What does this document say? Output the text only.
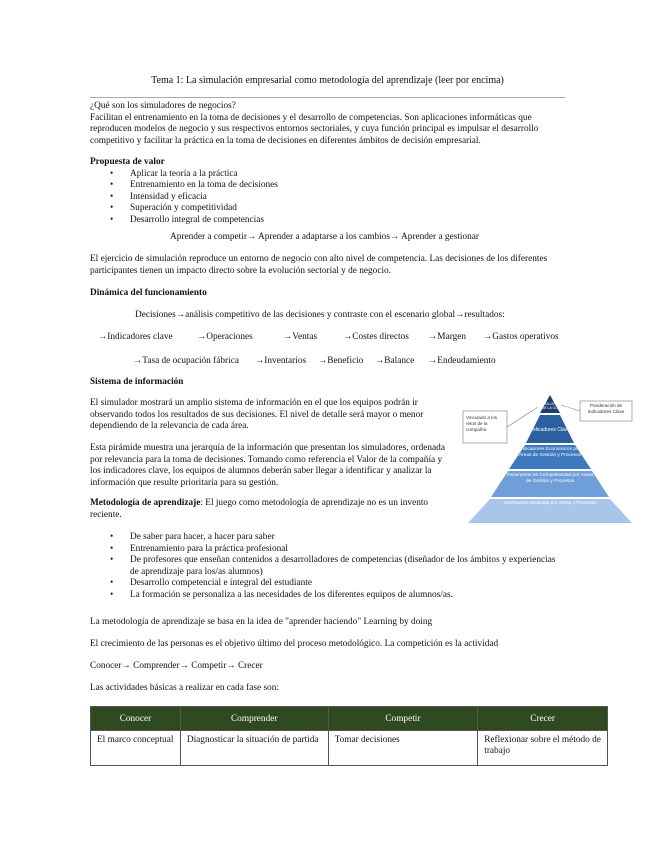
Tema 1: La simulación empresarial como metodología del aprendizaje (leer por encima)
¿Qué son los simuladores de negocios?
Facilitan el entrenamiento en la toma de decisiones y el desarrollo de competencias. Son aplicaciones informáticas que reproducen modelos de negocio y sus respectivos entornos sectoriales, y cuya función principal es impulsar el desarrollo competitivo y facilitar la práctica en la toma de decisiones en diferentes ámbitos de decisión empresarial.
Propuesta de valor
• Aplicar la teoría a la práctica
• Entrenamiento en la toma de decisiones
• Intensidad y eficacia
• Superación y competitividad
• Desarrollo integral de competencias
Aprender a competir→ Aprender a adaptarse a los cambios→ Aprender a gestionar
El ejercicio de simulación reproduce un entorno de negocio con alto nivel de competencia. Las decisiones de los diferentes participantes tienen un impacto directo sobre la evolución sectorial y de negocio.
Dinámica del funcionamiento
Decisiones→análisis competitivo de las decisiones y contraste con el escenario global→resultados:
→Indicadores clave	→Operaciones	→Ventas	→Costes directos →Margen →Gastos operativos
→Tasa de ocupación fábrica →Inventarios →Beneficio →Balance →Endeudamiento
Sistema de información
El simulador mostrará un amplio sistema de información en el que los equipos podrán ir observando todos los resultados de sus decisiones. El nivel de detalle será mayor o menor dependiendo de la relevancia de cada área.
Esta pirámide muestra una jerarquía de la información que presentan los simuladores, ordenada por relevancia para la toma de decisiones. Tomando como referencia el Valor de la compañía y los indicadores clave, los equipos de alumnos deberán saber llegar a identificar y analizar la información que resulte prioritaria para su gestión.
Metodología de aprendizaje: El juego como metodología de aprendizaje no es un invento reciente.
VALOR VALOR DE LA COMPAÑÍA
Indicadores Clave
Indicadores Económicos por Áreas de Gestión y Procesos
Parámetros de Competitividad por Áreas de Gestión y Procesos
Información detallada por Áreas y Procesos
Vinculado a los retos de la compañía
Ponderación de Indicadores Clave
• De saber para hacer, a hacer para saber
• Entrenamiento para la práctica profesional
• De profesores que enseñan contenidos a desarrolladores de competencias (diseñador de los ámbitos y experiencias de aprendizaje para los/as alumnos)
• Desarrollo competencial e integral del estudiante
• La formación se personaliza a las necesidades de los diferentes equipos de alumnos/as.
La metodología de aprendizaje se basa en la idea de "aprender haciendo" Learning by doing
El crecimiento de las personas es el objetivo último del proceso metodológico. La competición es la actividad
Conocer→ Comprender→ Competir→ Crecer
Las actividades básicas a realizar en cada fase son:
Conocer	Comprender	Competir	Crecer
El marco conceptual	Diagnosticar la situación de partida	Tomar decisiones	Reflexionar sobre el método de trabajo
